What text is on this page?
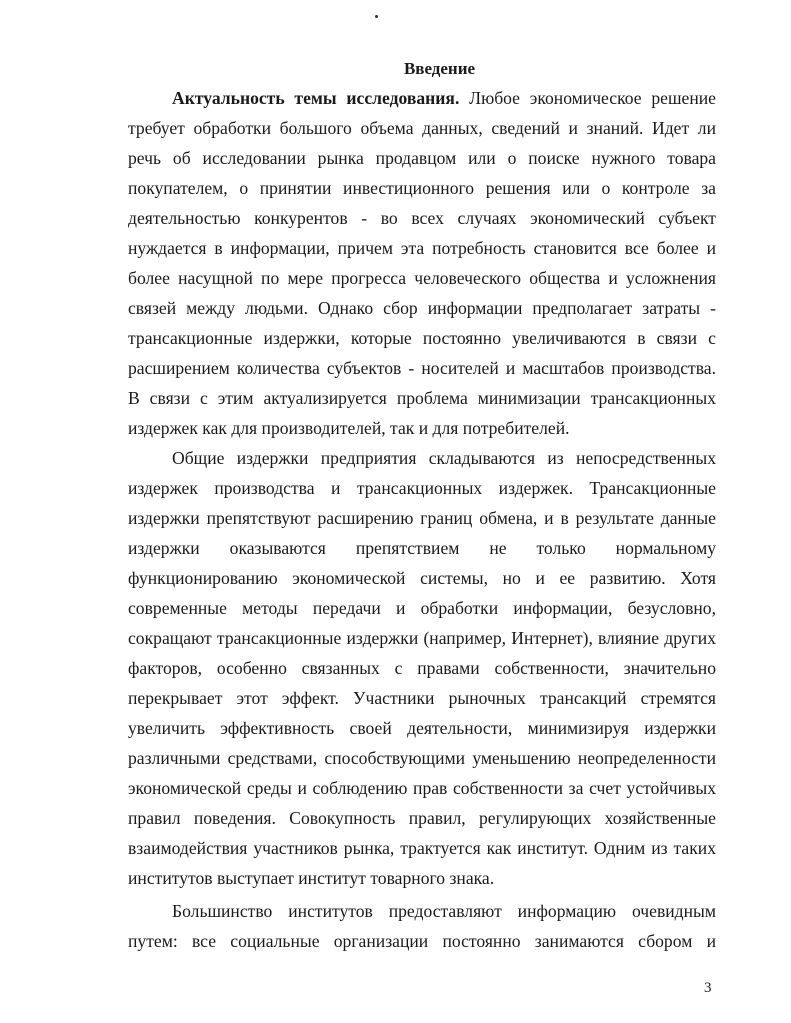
Введение
Актуальность темы исследования. Любое экономическое решение
требует обработки большого объема данных, сведений и знаний. Идет ли
речь об исследовании рынка продавцом или о поиске нужного товара
покупателем, о принятии инвестиционного решения или о контроле за
деятельностью конкурентов - во всех случаях экономический субъект
нуждается в информации, причем эта потребность становится все более и
более насущной по мере прогресса человеческого общества и усложнения
связей между людьми. Однако сбор информации предполагает затраты -
трансакционные издержки, которые постоянно увеличиваются в связи с
расширением количества субъектов - носителей и масштабов производства.
В связи с этим актуализируется проблема минимизации трансакционных
издержек как для производителей, так и для потребителей.
Общие издержки предприятия складываются из непосредственных
издержек производства и трансакционных издержек. Трансакционные
издержки препятствуют расширению границ обмена, и в результате данные
издержки оказываются препятствием не только нормальному
функционированию экономической системы, но и ее развитию. Хотя
современные методы передачи и обработки информации, безусловно,
сокращают трансакционные издержки (например, Интернет), влияние других
факторов, особенно связанных с правами собственности, значительно
перекрывает этот эффект. Участники рыночных трансакций стремятся
увеличить эффективность своей деятельности, минимизируя издержки
различными средствами, способствующими уменьшению неопределенности
экономической среды и соблюдению прав собственности за счет устойчивых
правил поведения. Совокупность правил, регулирующих хозяйственные
взаимодействия участников рынка, трактуется как институт. Одним из таких
институтов выступает институт товарного знака.
Большинство институтов предоставляют информацию очевидным
путем: все социальные организации постоянно занимаются сбором и
3
